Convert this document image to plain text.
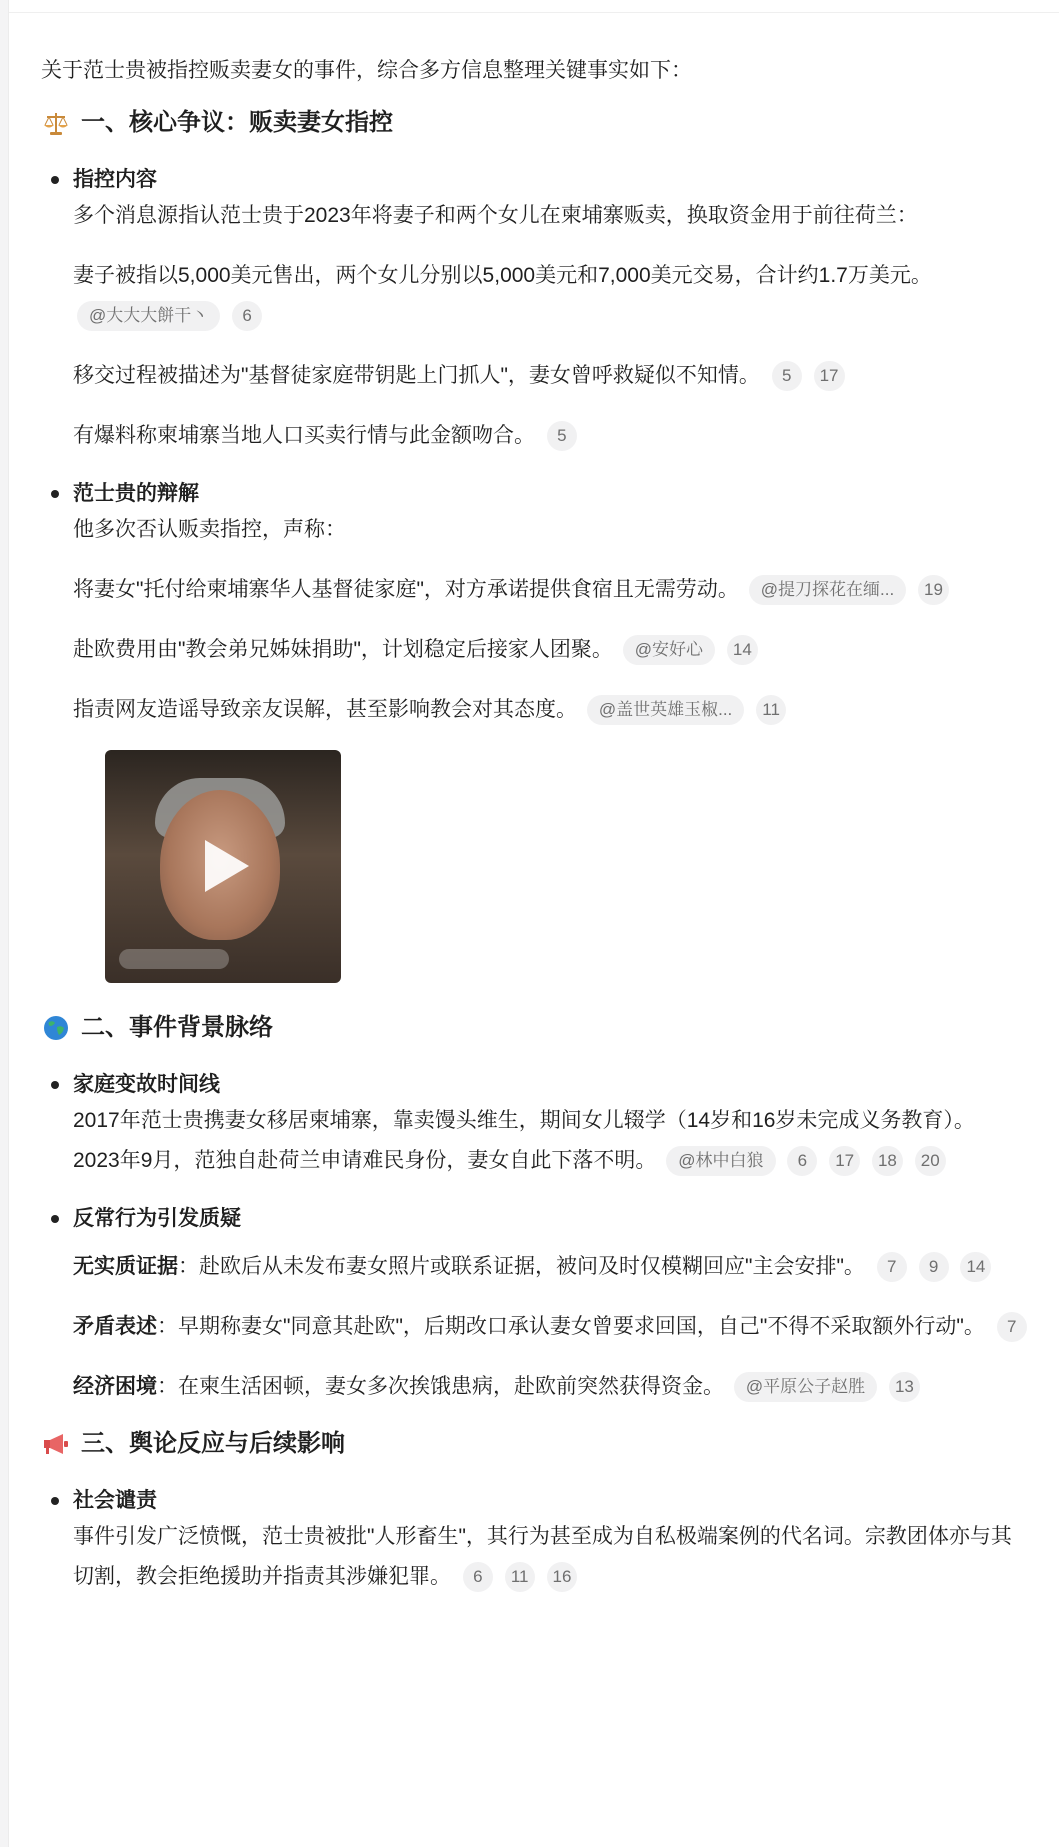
关于范士贵被指控贩卖妻女的事件，综合多方信息整理关键事实如下：
一、核心争议：贩卖妻女指控
指控内容
多个消息源指认范士贵于2023年将妻子和两个女儿在柬埔寨贩卖，换取资金用于前往荷兰：
妻子被指以5,000美元售出，两个女儿分别以5,000美元和7,000美元交易，合计约1.7万美元。 @大大大餅干丶 6
移交过程被描述为"基督徒家庭带钥匙上门抓人"，妻女曾呼救疑似不知情。 5 17
有爆料称柬埔寨当地人口买卖行情与此金额吻合。 5
范士贵的辩解
他多次否认贩卖指控，声称：
将妻女"托付给柬埔寨华人基督徒家庭"，对方承诺提供食宿且无需劳动。 @提刀探花在缅... 19
赴欧费用由"教会弟兄姊妹捐助"，计划稳定后接家人团聚。 @安好心 14
指责网友造谣导致亲友误解，甚至影响教会对其态度。 @盖世英雄玉椒... 11
二、事件背景脉络
家庭变故时间线
2017年范士贵携妻女移居柬埔寨，靠卖馒头维生，期间女儿辍学（14岁和16岁未完成义务教育）。
2023年9月，范独自赴荷兰申请难民身份，妻女自此下落不明。 @林中白狼 6 17 18 20
反常行为引发质疑
无实质证据：赴欧后从未发布妻女照片或联系证据，被问及时仅模糊回应"主会安排"。 7 9 14
矛盾表述：早期称妻女"同意其赴欧"，后期改口承认妻女曾要求回国，自己"不得不采取额外行动"。 7
经济困境：在柬生活困顿，妻女多次挨饿患病，赴欧前突然获得资金。 @平原公子赵胜 13
三、舆论反应与后续影响
社会谴责
事件引发广泛愤慨，范士贵被批"人形畜生"，其行为甚至成为自私极端案例的代名词。宗教团体亦与其切割，教会拒绝援助并指责其涉嫌犯罪。 6 11 16
